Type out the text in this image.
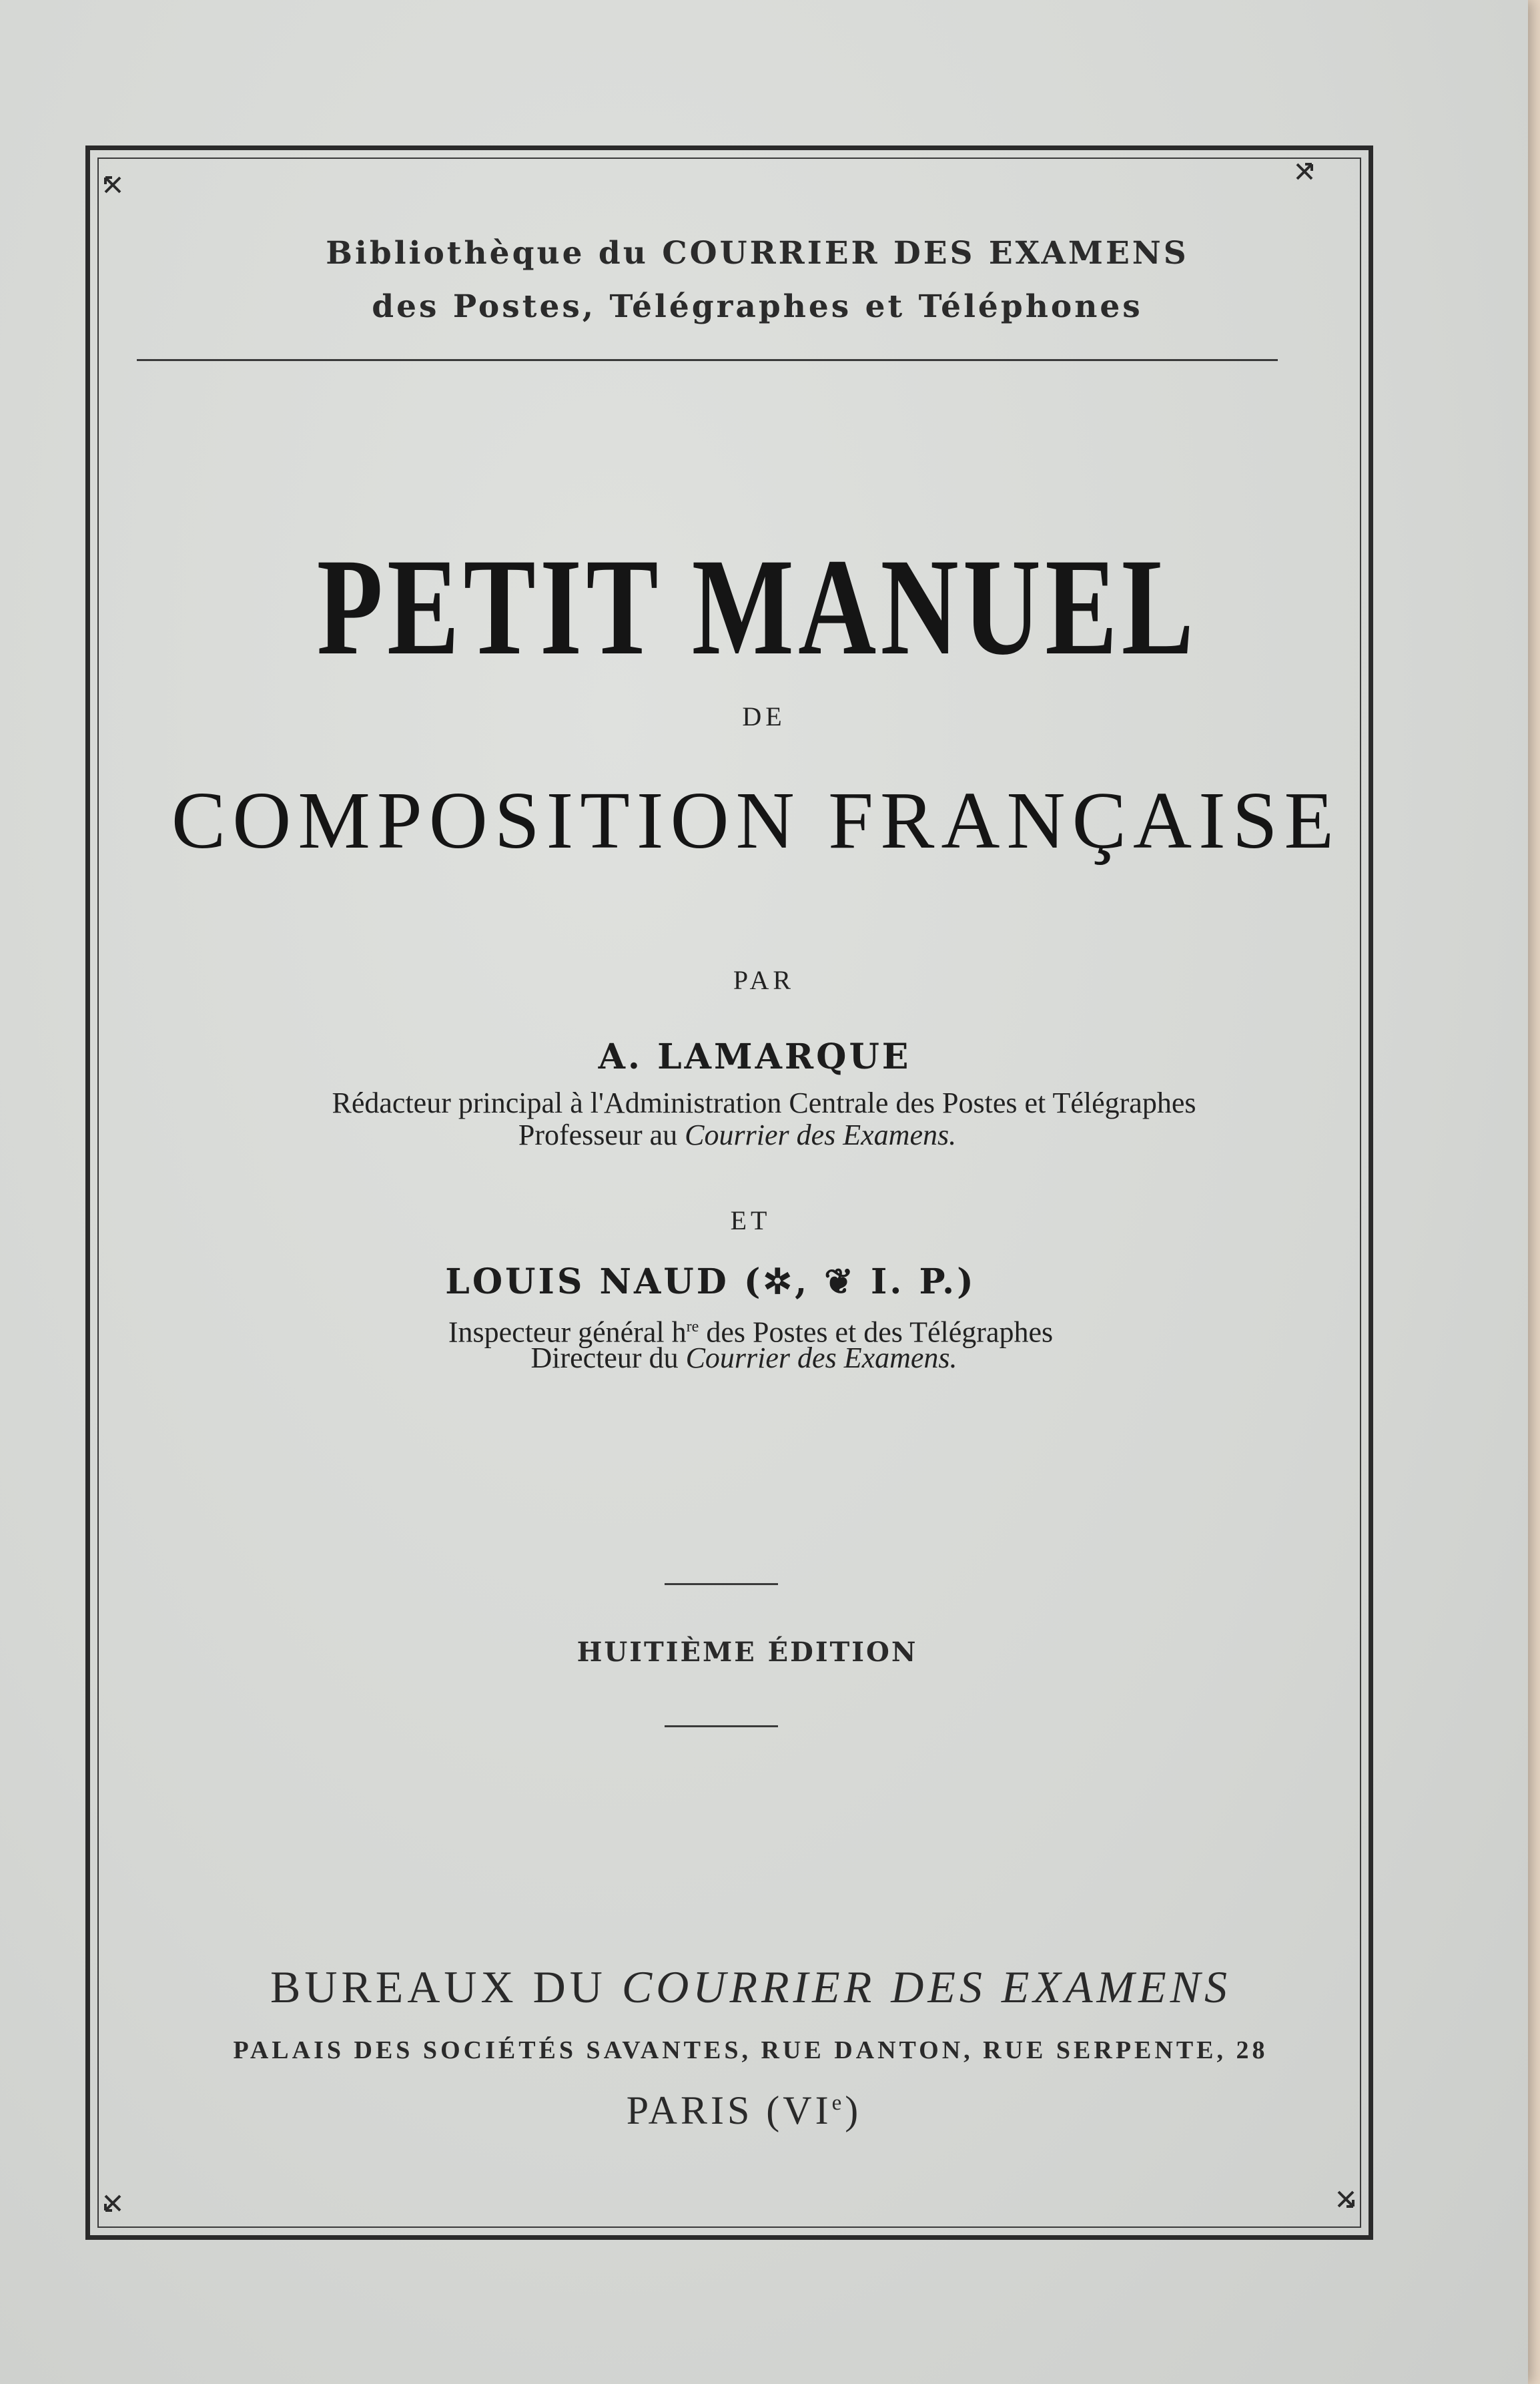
Bibliothèque du COURRIER DES EXAMENS
des Postes, Télégraphes et Téléphones
PETIT MANUEL
DE
COMPOSITION FRANÇAISE
PAR
A. LAMARQUE
Rédacteur principal à l'Administration Centrale des Postes et Télégraphes
Professeur au Courrier des Examens.
ET
LOUIS NAUD (✲, ❦ I. P.)
Inspecteur général $h^{re}$ des Postes et des Télégraphes
Directeur du Courrier des Examens.
HUITIÈME ÉDITION
BUREAUX DU COURRIER DES EXAMENS
PALAIS DES SOCIÉTÉS SAVANTES, RUE DANTON, RUE SERPENTE, 28
PARIS (VIe)
